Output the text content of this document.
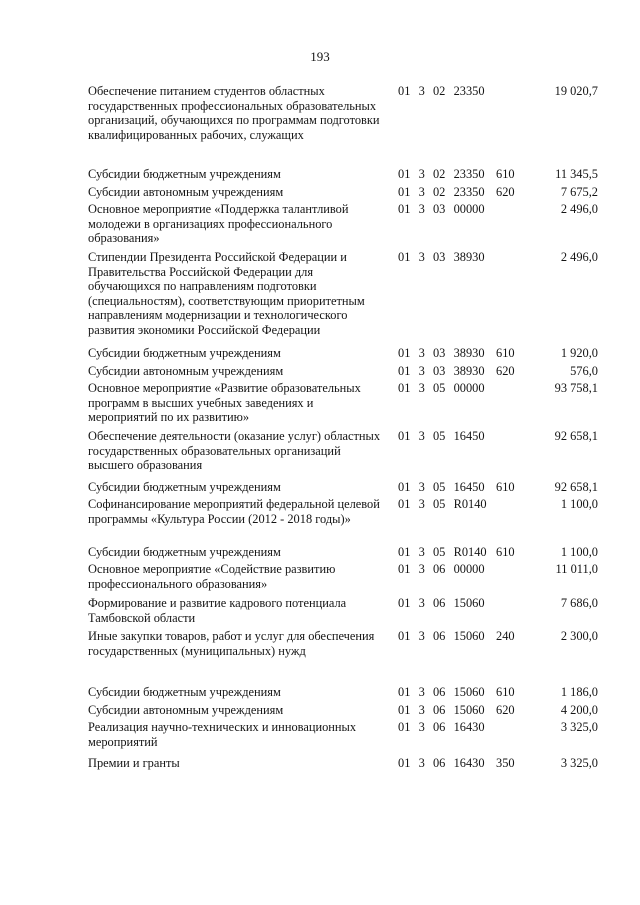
193
Обеспечение питанием студентов областных государственных профессиональных образовательных организаций, обучающихся по программам подготовки квалифицированных рабочих, служащих
01  3  02  23350	19 020,7
Субсидии бюджетным учреждениям	01  3  02  23350 610	11 345,5
Субсидии автономным учреждениям	01  3  02  23350 620	7 675,2
Основное мероприятие «Поддержка талантливой молодежи в организациях профессионального образования»
01  3  03  00000	2 496,0
Стипендии Президента Российской Федерации и Правительства Российской Федерации для обучающихся по направлениям подготовки (специальностям), соответствующим приоритетным направлениям модернизации и технологического развития экономики Российской Федерации
01  3  03  38930	2 496,0
Субсидии бюджетным учреждениям	01  3  03  38930 610	1 920,0
Субсидии автономным учреждениям	01  3  03  38930 620	576,0
Основное мероприятие «Развитие образовательных программ в высших учебных заведениях и мероприятий по их развитию»
01  3  05  00000	93 758,1
Обеспечение деятельности (оказание услуг) областных государственных образовательных организаций высшего образования
01  3  05  16450	92 658,1
Субсидии бюджетным учреждениям	01  3  05  16450 610	92 658,1
Софинансирование мероприятий федеральной целевой программы «Культура России (2012 - 2018 годы)»
01  3  05  R0140	1 100,0
Субсидии бюджетным учреждениям	01  3  05  R0140 610	1 100,0
Основное мероприятие «Содействие развитию профессионального образования»
01  3  06  00000	11 011,0
Формирование и развитие кадрового потенциала Тамбовской области
01  3  06  15060	7 686,0
Иные закупки товаров, работ и услуг для обеспечения государственных (муниципальных) нужд
01  3  06  15060 240	2 300,0
Субсидии бюджетным учреждениям	01  3  06  15060 610	1 186,0
Субсидии автономным учреждениям	01  3  06  15060 620	4 200,0
Реализация научно-технических и инновационных мероприятий
01  3  06  16430	3 325,0
Премии и гранты	01  3  06  16430 350	3 325,0
